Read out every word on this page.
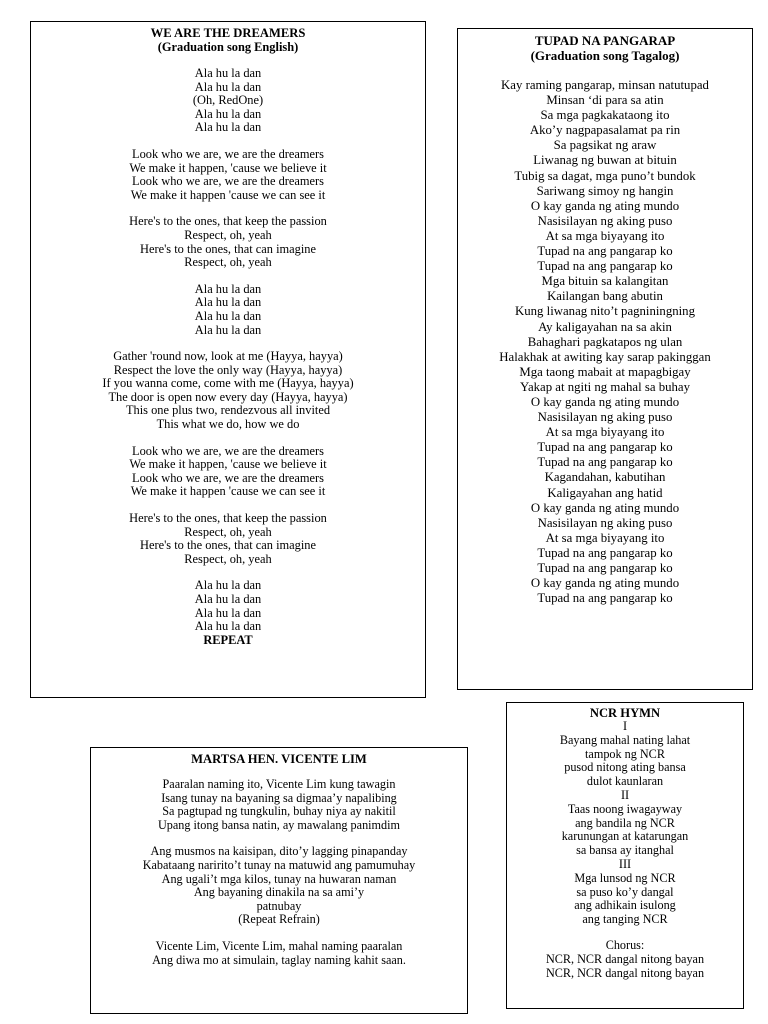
WE ARE THE DREAMERS
(Graduation song English)
Ala hu la dan
Ala hu la dan
(Oh, RedOne)
Ala hu la dan
Ala hu la dan
Look who we are, we are the dreamers
We make it happen, 'cause we believe it
Look who we are, we are the dreamers
We make it happen 'cause we can see it
Here's to the ones, that keep the passion
Respect, oh, yeah
Here's to the ones, that can imagine
Respect, oh, yeah
Ala hu la dan
Ala hu la dan
Ala hu la dan
Ala hu la dan
Gather 'round now, look at me (Hayya, hayya)
Respect the love the only way (Hayya, hayya)
If you wanna come, come with me (Hayya, hayya)
The door is open now every day (Hayya, hayya)
This one plus two, rendezvous all invited
This what we do, how we do
Look who we are, we are the dreamers
We make it happen, 'cause we believe it
Look who we are, we are the dreamers
We make it happen 'cause we can see it
Here's to the ones, that keep the passion
Respect, oh, yeah
Here's to the ones, that can imagine
Respect, oh, yeah
Ala hu la dan
Ala hu la dan
Ala hu la dan
Ala hu la dan
REPEAT
TUPAD NA PANGARAP
(Graduation song Tagalog)
Kay raming pangarap, minsan natutupad
Minsan ‘di para sa atin
Sa mga pagkakataong ito
Ako’y nagpapasalamat pa rin
Sa pagsikat ng araw
Liwanag ng buwan at bituin
Tubig sa dagat, mga puno’t bundok
Sariwang simoy ng hangin
O kay ganda ng ating mundo
Nasisilayan ng aking puso
At sa mga biyayang ito
Tupad na ang pangarap ko
Tupad na ang pangarap ko
Mga bituin sa kalangitan
Kailangan bang abutin
Kung liwanag nito’t pagniningning
Ay kaligayahan na sa akin
Bahaghari pagkatapos ng ulan
Halakhak at awiting kay sarap pakinggan
Mga taong mabait at mapagbigay
Yakap at ngiti ng mahal sa buhay
O kay ganda ng ating mundo
Nasisilayan ng aking puso
At sa mga biyayang ito
Tupad na ang pangarap ko
Tupad na ang pangarap ko
Kagandahan, kabutihan
Kaligayahan ang hatid
O kay ganda ng ating mundo
Nasisilayan ng aking puso
At sa mga biyayang ito
Tupad na ang pangarap ko
Tupad na ang pangarap ko
O kay ganda ng ating mundo
Tupad na ang pangarap ko
NCR HYMN
I
Bayang mahal nating lahat
tampok ng NCR
pusod nitong ating bansa
dulot kaunlaran
II
Taas noong iwagayway
ang bandila ng NCR
karunungan at katarungan
sa bansa ay itanghal
III
Mga lunsod ng NCR
sa puso ko’y dangal
ang adhikain isulong
ang tanging NCR
Chorus:
NCR, NCR dangal nitong bayan
NCR, NCR dangal nitong bayan
MARTSA HEN. VICENTE LIM
Paaralan naming ito, Vicente Lim kung tawagin
Isang tunay na bayaning sa digmaa’y napalibing
Sa pagtupad ng tungkulin, buhay niya ay nakitil
Upang itong bansa natin, ay mawalang panimdim
Ang musmos na kaisipan, dito’y lagging pinapanday
Kabataang naririto’t tunay na matuwid ang pamumuhay
Ang ugali’t mga kilos, tunay na huwaran naman
Ang bayaning dinakila na sa ami’y
patnubay
(Repeat Refrain)
Vicente Lim, Vicente Lim, mahal naming paaralan
Ang diwa mo at simulain, taglay naming kahit saan.
